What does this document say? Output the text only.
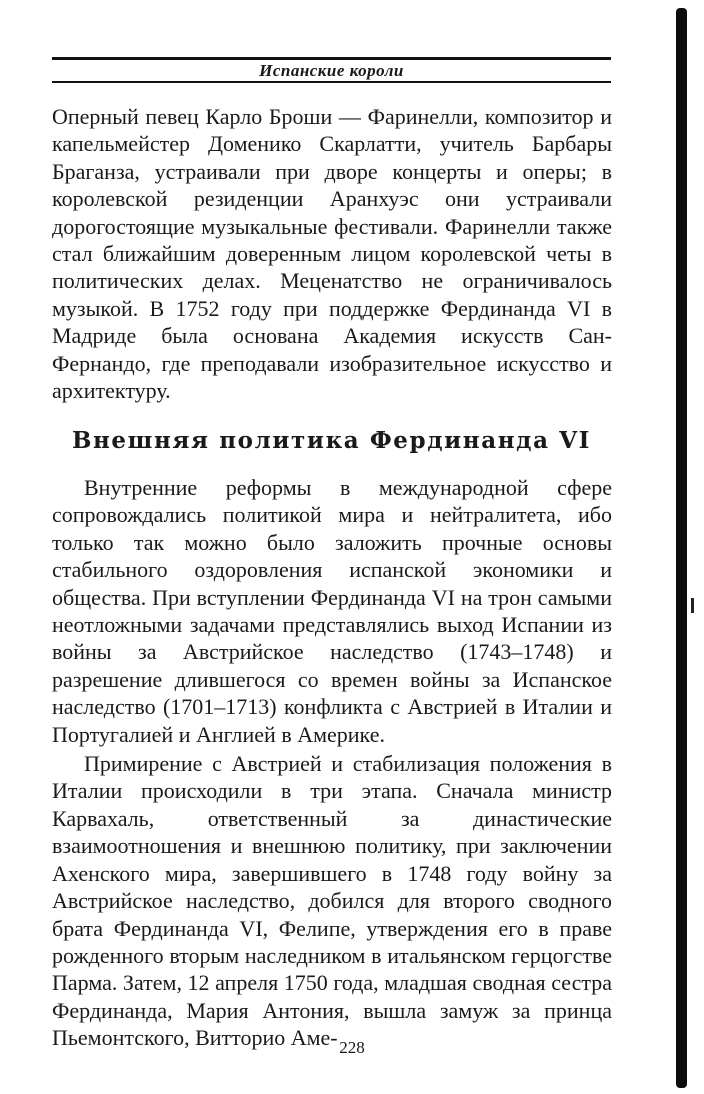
Испанские короли

Оперный певец Карло Броши — Фаринелли, композитор и капельмейстер Доменико Скарлатти, учитель Барбары Браганза, устраивали при дворе концерты и оперы; в королевской резиденции Аранхуэс они устраивали дорогостоящие музыкальные фестивали. Фаринелли также стал ближайшим доверенным лицом королевской четы в политических делах. Меценатство не ограничивалось музыкой. В 1752 году при поддержке Фердинанда VI в Мадриде была основана Академия искусств Сан-Фернандо, где преподавали изобразительное искусство и архитектуру.

Внешняя политика Фердинанда VI

Внутренние реформы в международной сфере сопровождались политикой мира и нейтралитета, ибо только так можно было заложить прочные основы стабильного оздоровления испанской экономики и общества. При вступлении Фердинанда VI на трон самыми неотложными задачами представлялись выход Испании из войны за Австрийское наследство (1743–1748) и разрешение длившегося со времен войны за Испанское наследство (1701–1713) конфликта с Австрией в Италии и Португалией и Англией в Америке.

Примирение с Австрией и стабилизация положения в Италии происходили в три этапа. Сначала министр Карвахаль, ответственный за династические взаимоотношения и внешнюю политику, при заключении Ахенского мира, завершившего в 1748 году войну за Австрийское наследство, добился для второго сводного брата Фердинанда VI, Фелипе, утверждения его в праве рожденного вторым наследником в итальянском герцогстве Парма. Затем, 12 апреля 1750 года, младшая сводная сестра Фердинанда, Мария Антония, вышла замуж за принца Пьемонтского, Витторио Аме- 228
